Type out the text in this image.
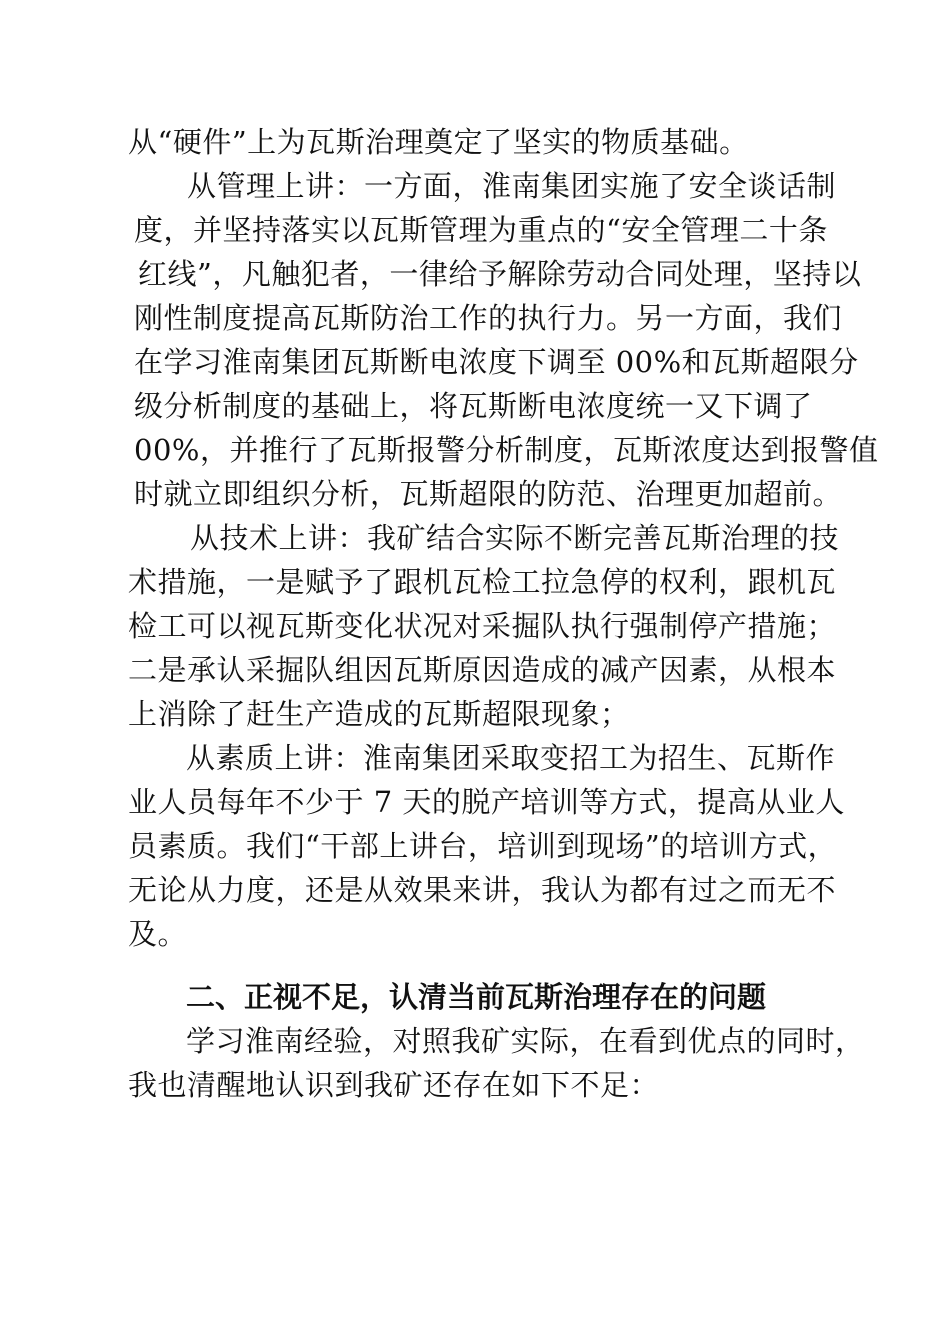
从“硬件”上为瓦斯治理奠定了坚实的物质基础。
从管理上讲：一方面，淮南集团实施了安全谈话制
度，并坚持落实以瓦斯管理为重点的“安全管理二十条
红线”，凡触犯者，一律给予解除劳动合同处理，坚持以
刚性制度提高瓦斯防治工作的执行力。另一方面，我们
在学习淮南集团瓦斯断电浓度下调至 00%和瓦斯超限分
级分析制度的基础上，将瓦斯断电浓度统一又下调了
00%，并推行了瓦斯报警分析制度，瓦斯浓度达到报警值
时就立即组织分析，瓦斯超限的防范、治理更加超前。
从技术上讲：我矿结合实际不断完善瓦斯治理的技
术措施，一是赋予了跟机瓦检工拉急停的权利，跟机瓦
检工可以视瓦斯变化状况对采掘队执行强制停产措施；
二是承认采掘队组因瓦斯原因造成的减产因素，从根本
上消除了赶生产造成的瓦斯超限现象；
从素质上讲：淮南集团采取变招工为招生、瓦斯作
业人员每年不少于 7 天的脱产培训等方式，提高从业人
员素质。我们“干部上讲台，培训到现场”的培训方式，
无论从力度，还是从效果来讲，我认为都有过之而无不
及。
二、正视不足，认清当前瓦斯治理存在的问题
学习淮南经验，对照我矿实际，在看到优点的同时，
我也清醒地认识到我矿还存在如下不足：
